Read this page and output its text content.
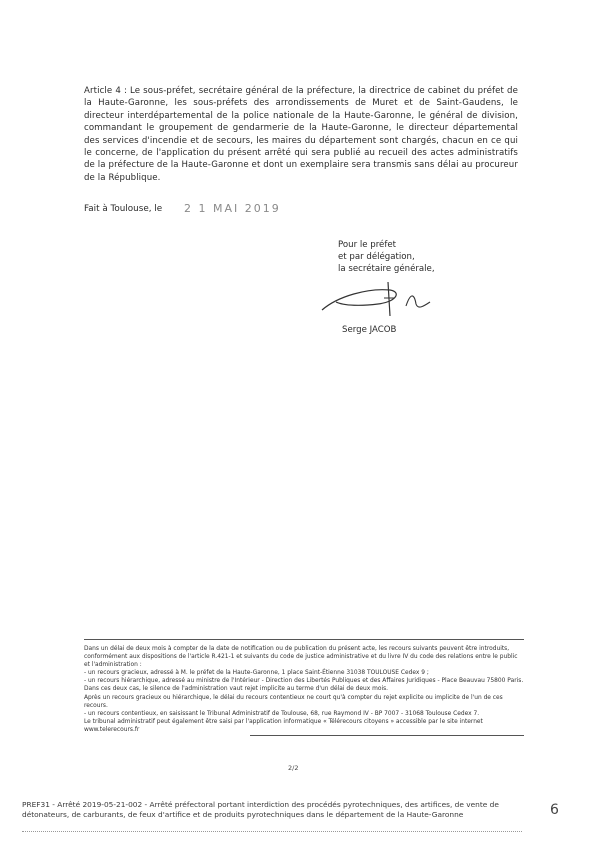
Article 4 : Le sous-préfet, secrétaire général de la préfecture, la directrice de cabinet du préfet de la Haute-Garonne, les sous-préfets des arrondissements de Muret et de Saint-Gaudens, le directeur interdépartemental de la police nationale de la Haute-Garonne, le général de division, commandant le groupement de gendarmerie de la Haute-Garonne, le directeur départemental des services d'incendie et de secours, les maires du département sont chargés, chacun en ce qui le concerne, de l'application du présent arrêté qui sera publié au recueil des actes administratifs de la préfecture de la Haute-Garonne et dont un exemplaire sera transmis sans délai au procureur de la République.
Fait à Toulouse, le 2 1 MAI 2019
Pour le préfet
et par délégation,
la secrétaire générale,
Serge JACOB

Dans un délai de deux mois à compter de la date de notification ou de publication du présent acte, les recours suivants peuvent être introduits, conformément aux dispositions de l'article R.421-1 et suivants du code de justice administrative et du livre IV du code des relations entre le public et l'administration :

- un recours gracieux, adressé à M. le préfet de la Haute-Garonne, 1 place Saint-Étienne 31038 TOULOUSE Cedex 9 ;

- un recours hiérarchique, adressé au ministre de l'Intérieur - Direction des Libertés Publiques et des Affaires Juridiques - Place Beauvau 75800 Paris.

Dans ces deux cas, le silence de l'administration vaut rejet implicite au terme d'un délai de deux mois.

Après un recours gracieux ou hiérarchique, le délai du recours contentieux ne court qu'à compter du rejet explicite ou implicite de l'un de ces recours.

- un recours contentieux, en saisissant le Tribunal Administratif de Toulouse, 68, rue Raymond IV - BP 7007 - 31068 Toulouse Cedex 7.

Le tribunal administratif peut également être saisi par l'application informatique « Télérecours citoyens » accessible par le site internet www.telerecours.fr

2/2

PREF31 - Arrêté 2019-05-21-002 - Arrêté préfectoral portant interdiction des procédés pyrotechniques, des artifices, de vente de

détonateurs, de carburants, de feux d'artifice et de produits pyrotechniques dans le département de la Haute-Garonne	6
